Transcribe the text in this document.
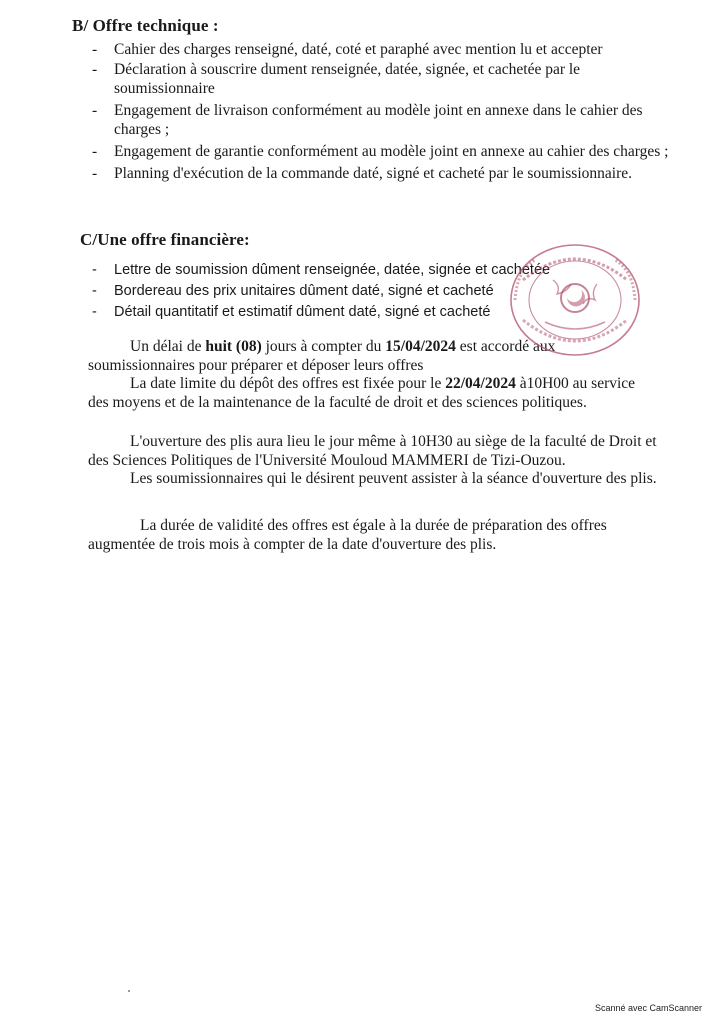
B/ Offre technique :
- Cahier des charges renseigné, daté, coté et paraphé avec mention lu et accepter
- Déclaration à souscrire dument renseignée, datée, signée, et cachetée par le soumissionnaire
- Engagement de livraison conformément au modèle joint en annexe dans le cahier des charges ;
- Engagement de garantie conformément au modèle joint en annexe au cahier des charges ;
- Planning d'exécution de la commande daté, signé et cacheté par le soumissionnaire.
C/Une offre financière:
- Lettre de soumission dûment renseignée, datée, signée et cachetée
- Bordereau des prix unitaires dûment daté, signé et cacheté
- Détail quantitatif et estimatif dûment daté, signé et cacheté
Un délai de huit (08) jours à compter du 15/04/2024 est accordé aux soumissionnaires pour préparer et déposer leurs offres
La date limite du dépôt des offres est fixée pour le 22/04/2024 à10H00 au service des moyens et de la maintenance de la faculté de droit et des sciences politiques.
L'ouverture des plis aura lieu le jour même à 10H30 au siège de la faculté de Droit et des Sciences Politiques de l'Université Mouloud MAMMERI de Tizi-Ouzou.
Les soumissionnaires qui le désirent peuvent assister à la séance d'ouverture des plis.
La durée de validité des offres est égale à la durée de préparation des offres augmentée de trois mois à compter de la date d'ouverture des plis.
Scanné avec CamScanner
